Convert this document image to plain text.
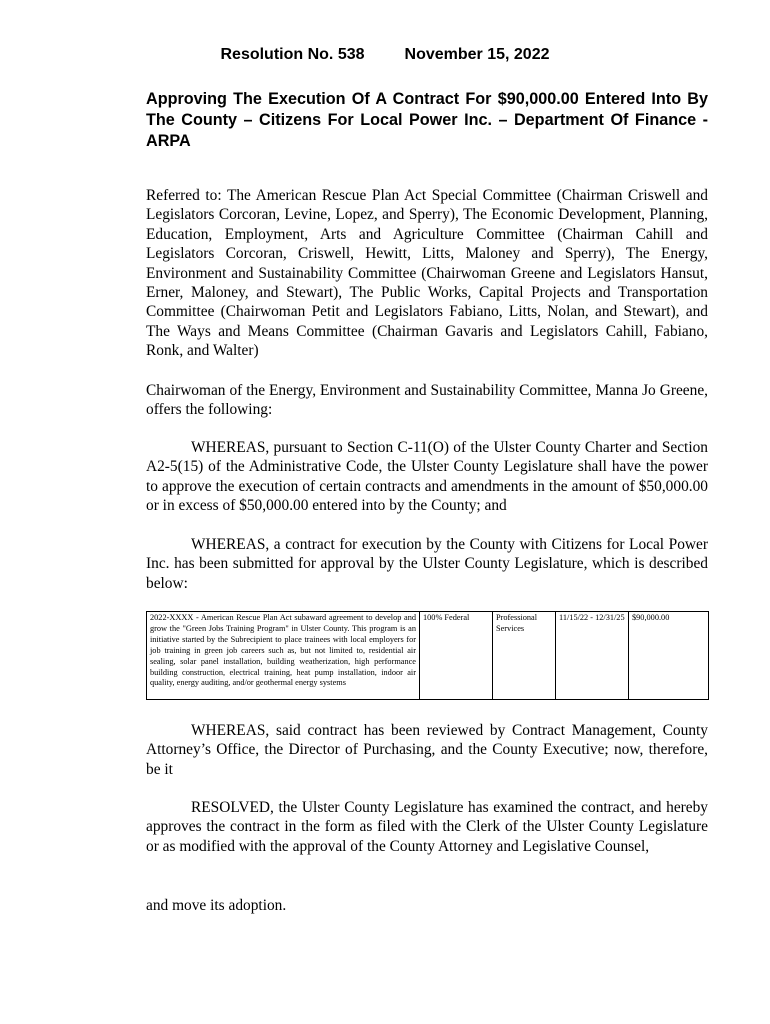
Resolution No. 538	November 15, 2022
Approving The Execution Of A Contract For $90,000.00 Entered Into By The County – Citizens For Local Power Inc. – Department Of Finance - ARPA

Referred to: The American Rescue Plan Act Special Committee (Chairman Criswell and Legislators Corcoran, Levine, Lopez, and Sperry), The Economic Development, Planning, Education, Employment, Arts and Agriculture Committee (Chairman Cahill and Legislators Corcoran, Criswell, Hewitt, Litts, Maloney and Sperry), The Energy, Environment and Sustainability Committee (Chairwoman Greene and Legislators Hansut, Erner, Maloney, and Stewart), The Public Works, Capital Projects and Transportation Committee (Chairwoman Petit and Legislators Fabiano, Litts, Nolan, and Stewart), and The Ways and Means Committee (Chairman Gavaris and Legislators Cahill, Fabiano, Ronk, and Walter)

Chairwoman of the Energy, Environment and Sustainability Committee, Manna Jo Greene, offers the following:

WHEREAS, pursuant to Section C-11(O) of the Ulster County Charter and Section A2-5(15) of the Administrative Code, the Ulster County Legislature shall have the power to approve the execution of certain contracts and amendments in the amount of $50,000.00 or in excess of $50,000.00 entered into by the County; and

WHEREAS, a contract for execution by the County with Citizens for Local Power Inc. has been submitted for approval by the Ulster County Legislature, which is described below:

2022-XXXX - American Rescue Plan Act subaward agreement to develop and grow the "Green Jobs Training Program" in Ulster County. This program is an initiative started by the Subrecipient to place trainees with local employers for job training in green job careers such as, but not limited to, residential air sealing, solar panel installation, building weatherization, high performance building construction, electrical training, heat pump installation, indoor air quality, energy auditing, and/or geothermal energy systems	100% Federal	Professional Services	11/15/22 - 12/31/25	$90,000.00

WHEREAS, said contract has been reviewed by Contract Management, County Attorney’s Office, the Director of Purchasing, and the County Executive; now, therefore, be it

RESOLVED, the Ulster County Legislature has examined the contract, and hereby approves the contract in the form as filed with the Clerk of the Ulster County Legislature or as modified with the approval of the County Attorney and Legislative Counsel,

and move its adoption.
